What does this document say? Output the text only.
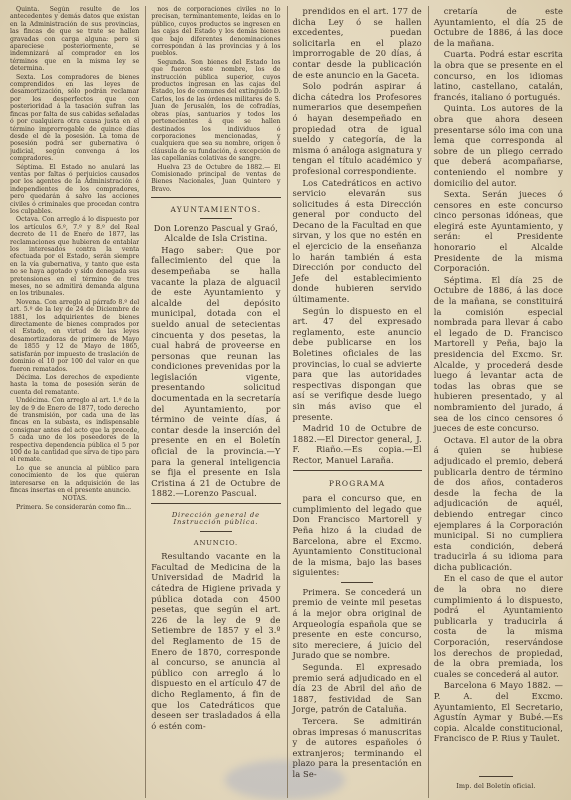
Quinta. Según resulte de los antecedentes y demás datos que existan en la Administración de sus provincias, las fincas de que se trate se hallen gravadas con carga alguna: pero si apareciese posteriormente, se indemnizará al comprador en los términos que en la misma ley se determina.

Sexta. Los compradores de bienes comprendidos en las leyes de desamortización, sólo podrán reclamar por los desperfectos que con posterioridad á la tasación sufran las fincas por falta de sus cabidas señaladas ó por cualquiera otra causa justa en el término improrrogable de quince días desde el de la posesión. La toma de posesión podrá ser gubernativa ó judicial, según convenga á los compradores.

Séptima. El Estado no anulará las ventas por faltas ó perjuicios causados por los agentes de la Administración é independientes de los compradores, pero quedarán á salvo las acciones civiles ó criminales que procedan contra los culpables.

Octava. Con arreglo á lo dispuesto por los artículos 6.º, 7.º y 8.º del Real decreto de 11 de Enero de 1877, las reclamaciones que hubieren de entablar los interesados contra la venta efectuada por el Estado, serán siempre en la vía gubernativa, y tanto que esta no se haya agotado y sido denegada sus pretensiones en el término de tres meses, no se admitirá demanda alguna en los tribunales.

Novena. Con arreglo al párrafo 8.º del art. 5.º de la ley de 24 de Diciembre de 1881, los adquirientes de bienes directamente de bienes comprados por el Estado, en virtud de las leyes desamortizadoras de primero de Mayo de 1855 y 12 de Mayo de 1865, satisfarán por impuesto de traslación de dominio el 10 por 100 del valor en que fueron rematados.

Décima. Los derechos de expediente hasta la toma de posesión serán de cuenta del rematante.

Undécima. Con arreglo al art. 1.º de la ley de 9 de Enero de 1877, todo derecho de transmisión, por cada una de las fincas en la subasta, es indispensable consignar antes del acto que la precede, 5 cada uno de los poseedores de la respectiva dependencia pública el 5 por 100 de la cantidad que sirva de tipo para el remate.

Lo que se anuncia al público para conocimiento de los que quieran interesarse en la adquisición de las fincas insertas en el presente anuncio.

NOTAS.

Primera. Se considerarán como fin...

nos de corporaciones civiles no lo precisan, terminantemente, leídas en lo público, cuyos productos se ingresen en las cajas del Estado y los demás bienes que bajo diferentes denominaciones correspondan á las provincias y á los pueblos.

Segunda. Son bienes del Estado los que fueron este nombre, los de instrucción pública superior, cuyos productos ingresan en las cajas del Estado, los de comunes del extinguido D. Carlos, los de las órdenes militares de S. Juan de Jerusalén, los de cofradías, obras pías, santuarios y todos los pertenecientes á que se hallen destinados los individuos ó corporaciones mencionadas, y cualquiera que sea su nombre, origen ó cláusula de su fundación, á excepción de las capellanías colativas de sangre.

Huelva 23 de Octubre de 1882.— El Comisionado principal de ventas de Bienes Nacionales, Juan Quintero y Bravo.

AYUNTAMIENTOS.

Don Lorenzo Pascual y Graó, Alcalde de Isla Cristina.

Hago saber: Que por fallecimiento del que la desempeñaba se halla vacante la plaza de alguacil de este Ayuntamiento y alcalde del depósito municipal, dotada con el sueldo anual de setecientas cincuenta y dos pesetas, la cual habrá de proveerse en personas que reunan las condiciones prevenidas por la legislación vigente, presentando solicitud documentada en la secretaría del Ayuntamiento, por término de veinte días, á contar desde la inserción del presente en en el Boletín oficial de la provincia.—Y para la general inteligencia se fija el presente en Isla Cristina á 21 de Octubre de 1882.—Lorenzo Pascual.

Dirección general de Instrucción pública.
ANUNCIO.

Resultando vacante en la Facultad de Medicina de la Universidad de Madrid la cátedra de Higiene privada y pública dotada con 4500 pesetas, que según el art. 226 de la ley de 9 de Setiembre de 1857 y el 3.º del Reglamento de 15 de Enero de 1870, corresponde al concurso, se anuncia al público con arreglo á lo dispuesto en el artículo 47 de dicho Reglamento, á fin de que los Catedráticos que deseen ser trasladados á ella ó estén com-

prendidos en el art. 177 de dicha Ley ó se hallen excedentes, puedan solicitarla en el plazo improrrogable de 20 días, á contar desde la publicación de este anuncio en la Gaceta.

Solo podrán aspirar á dicha cátedra los Profesores numerarios que desempeñen ó hayan desempeñado en propiedad otra de igual sueldo y categoría, de la misma ó análoga asignatura y tengan el título académico y profesional correspondiente.

Los Catedráticos en activo servicio elevarán sus solicitudes á esta Dirección general por conducto del Decano de la Facultad en que sirvan, y los que no estén en el ejercicio de la enseñanza lo harán también á esta Dirección por conducto del Jefe del establecimiento donde hubieren servido últimamente.

Según lo dispuesto en el art. 47 del expresado reglamento, este anuncio debe publicarse en los Boletines oficiales de las provincias, lo cual se advierte para que las autoridades respectivas dispongan que así se verifique desde luego sin más aviso que el presente.

Madrid 10 de Octubre de 1882.—El Director general, J. F. Riaño.—Es copia.—El Rector, Manuel Laraña.

PROGRAMA

para el concurso que, en cumplimiento del legado que Don Francisco Martorell y Peña hizo á la ciudad de Barcelona, abre el Excmo. Ayuntamiento Constitucional de la misma, bajo las bases siguientes:

Primera. Se concederá un premio de veinte mil pesetas á la mejor obra original de Arqueología española que se presente en este concurso, sito mereciere, á juicio del Jurado que se nombre.

Segunda. El expresado premio será adjudicado en el día 23 de Abril del año de 1887, festividad de San Jorge, patrón de Cataluña.

Tercera. Se admitirán obras impresas ó manuscritas y de autores españoles ó extranjeros; terminando el plazo para la presentación en la Se-

cretaría de este Ayuntamiento, el día 25 de Octubre de 1886, á las doce de la mañana.

Cuarta. Podrá estar escrita la obra que se presente en el concurso, en los idiomas latino, castellano, catalán, francés, italiano ó portugués.

Quinta. Los autores de la obra que ahora deseen presentarse sólo ima con una lema que corresponda al sobre de un pliego cerrado que deberá acompañarse, conteniendo el nombre y domicilio del autor.

Sexta. Serán jueces ó censores en este concurso cinco personas idóneas, que elegirá este Ayuntamiento, y serán: el Presidente honorario el Alcalde Presidente de la misma Corporación.

Séptima. El día 25 de Octubre de 1886, á las doce de la mañana, se constituirá la comisión especial nombrada para llevar á cabo el legado de D. Francisco Martorell y Peña, bajo la presidencia del Excmo. Sr. Alcalde, y procederá desde luego á levantar acta de todas las obras que se hubieren presentado, y al nombramiento del jurado, á sea de los cinco censores ó jueces de este concurso.

Octava. El autor de la obra á quien se hubiese adjudicado el premio, deberá publicarla dentro de término de dos años, contaderos desde la fecha de la adjudicación de aquél, debiendo entregar cinco ejemplares á la Corporación municipal. Si no cumpliera esta condición, deberá traducirla á su idioma para dicha publicación.

En el caso de que el autor de la obra no diere cumplimiento á lo dispuesto, podrá el Ayuntamiento publicarla y traducirla á costa de la misma Corporación, reservándose los derechos de propiedad, de la obra premiada, los cuales se concederá al autor.

Barcelona 6 Mayo 1882. —P. A. del Excmo. Ayuntamiento, El Secretario, Agustín Aymar y Bubé.—Es copia. Alcalde constitucional, Francisco de P. Rius y Taulet.

Imp. del Boletín oficial.
